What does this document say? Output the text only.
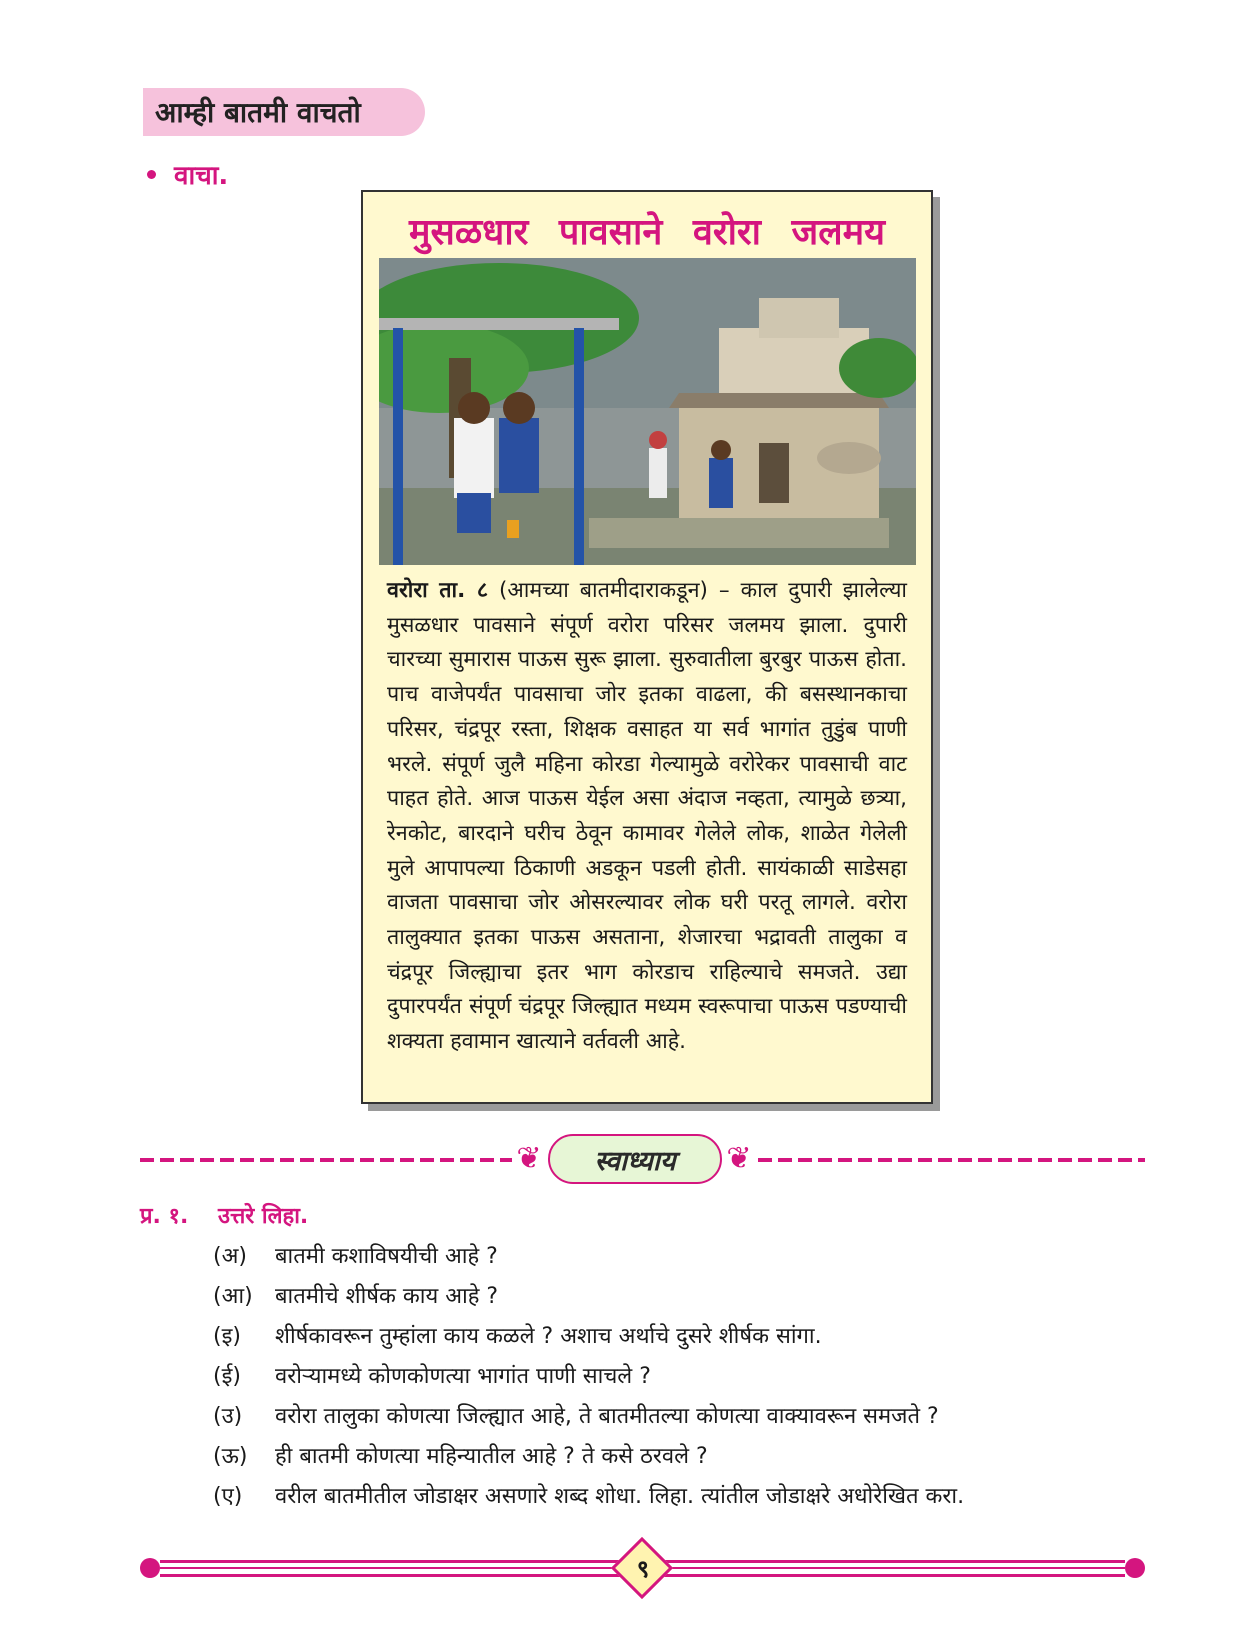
आम्ही बातमी वाचतो
वाचा.
मुसळधार पावसाने वरोरा जलमय
वरोरा ता. ८ (आमच्या बातमीदाराकडून) – काल दुपारी झालेल्या मुसळधार पावसाने संपूर्ण वरोरा परिसर जलमय झाला. दुपारी चारच्या सुमारास पाऊस सुरू झाला. सुरुवातीला बुरबुर पाऊस होता. पाच वाजेपर्यंत पावसाचा जोर इतका वाढला, की बसस्थानकाचा परिसर, चंद्रपूर रस्ता, शिक्षक वसाहत या सर्व भागांत तुडुंब पाणी भरले. संपूर्ण जुलै महिना कोरडा गेल्यामुळे वरोरेकर पावसाची वाट पाहत होते. आज पाऊस येईल असा अंदाज नव्हता, त्यामुळे छत्र्या, रेनकोट, बारदाने घरीच ठेवून कामावर गेलेले लोक, शाळेत गेलेली मुले आपापल्या ठिकाणी अडकून पडली होती. सायंकाळी साडेसहा वाजता पावसाचा जोर ओसरल्यावर लोक घरी परतू लागले. वरोरा तालुक्यात इतका पाऊस असताना, शेजारचा भद्रावती तालुका व चंद्रपूर जिल्ह्याचा इतर भाग कोरडाच राहिल्याचे समजते. उद्या दुपारपर्यंत संपूर्ण चंद्रपूर जिल्ह्यात मध्यम स्वरूपाचा पाऊस पडण्याची शक्यता हवामान खात्याने वर्तवली आहे.
❦	स्वाध्याय	❦
प्र. १. उत्तरे लिहा.
(अ)	बातमी कशाविषयीची आहे ?
(आ)	बातमीचे शीर्षक काय आहे ?
(इ)	शीर्षकावरून तुम्हांला काय कळले ? अशाच अर्थाचे दुसरे शीर्षक सांगा.
(ई)	वरोऱ्यामध्ये कोणकोणत्या भागांत पाणी साचले ?
(उ)	वरोरा तालुका कोणत्या जिल्ह्यात आहे, ते बातमीतल्या कोणत्या वाक्यावरून समजते ?
(ऊ)	ही बातमी कोणत्या महिन्यातील आहे ? ते कसे ठरवले ?
(ए)	वरील बातमीतील जोडाक्षर असणारे शब्द शोधा. लिहा. त्यांतील जोडाक्षरे अधोरेखित करा.
९
